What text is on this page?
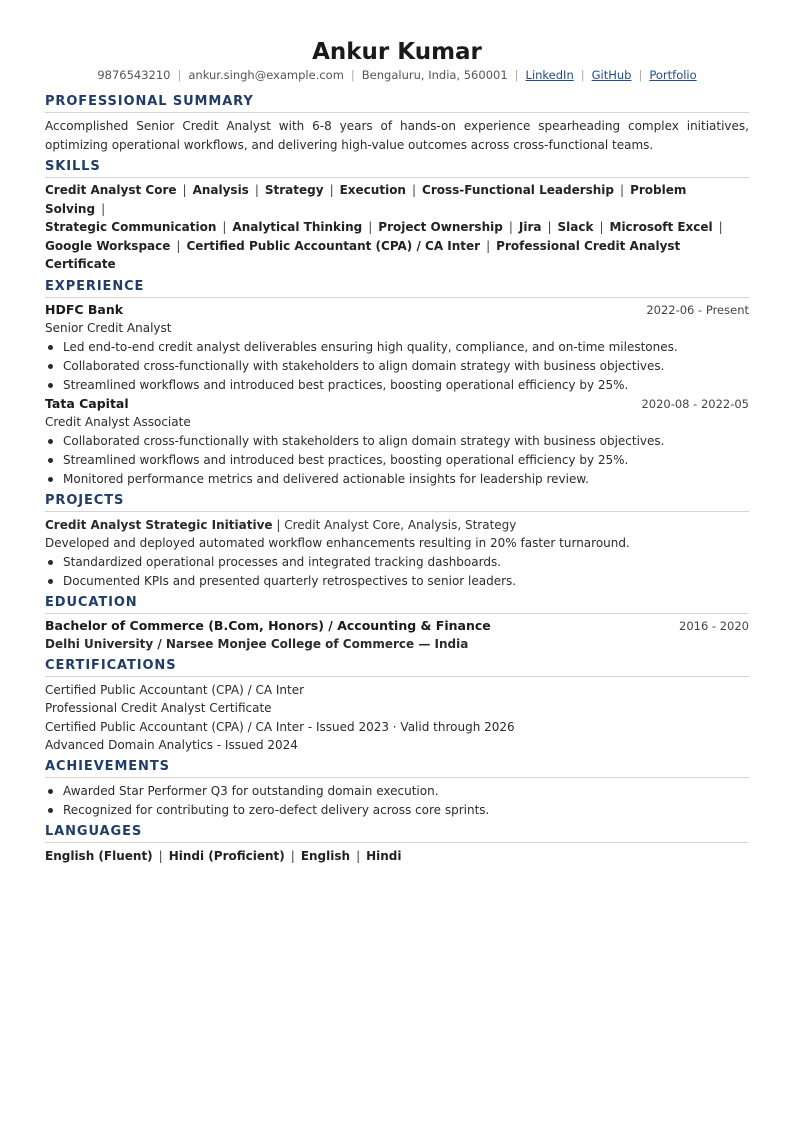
Ankur Kumar
9876543210 | ankur.singh@example.com | Bengaluru, India, 560001 | LinkedIn | GitHub | Portfolio
PROFESSIONAL SUMMARY
Accomplished Senior Credit Analyst with 6-8 years of hands-on experience spearheading complex initiatives, optimizing operational workflows, and delivering high-value outcomes across cross-functional teams.
SKILLS
Credit Analyst Core | Analysis | Strategy | Execution | Cross-Functional Leadership | Problem Solving |
Strategic Communication | Analytical Thinking | Project Ownership | Jira | Slack | Microsoft Excel |
Google Workspace | Certified Public Accountant (CPA) / CA Inter | Professional Credit Analyst Certificate
EXPERIENCE
HDFC Bank	2022-06 - Present
Senior Credit Analyst
Led end-to-end credit analyst deliverables ensuring high quality, compliance, and on-time milestones.
Collaborated cross-functionally with stakeholders to align domain strategy with business objectives.
Streamlined workflows and introduced best practices, boosting operational efficiency by 25%.
Tata Capital	2020-08 - 2022-05
Credit Analyst Associate
Collaborated cross-functionally with stakeholders to align domain strategy with business objectives.
Streamlined workflows and introduced best practices, boosting operational efficiency by 25%.
Monitored performance metrics and delivered actionable insights for leadership review.
PROJECTS
Credit Analyst Strategic Initiative | Credit Analyst Core, Analysis, Strategy
Developed and deployed automated workflow enhancements resulting in 20% faster turnaround.
Standardized operational processes and integrated tracking dashboards.
Documented KPIs and presented quarterly retrospectives to senior leaders.
EDUCATION
Bachelor of Commerce (B.Com, Honors) / Accounting & Finance	2016 - 2020
Delhi University / Narsee Monjee College of Commerce — India
CERTIFICATIONS
Certified Public Accountant (CPA) / CA Inter
Professional Credit Analyst Certificate
Certified Public Accountant (CPA) / CA Inter - Issued 2023 · Valid through 2026
Advanced Domain Analytics - Issued 2024
ACHIEVEMENTS
Awarded Star Performer Q3 for outstanding domain execution.
Recognized for contributing to zero-defect delivery across core sprints.
LANGUAGES
English (Fluent) | Hindi (Proficient) | English | Hindi
